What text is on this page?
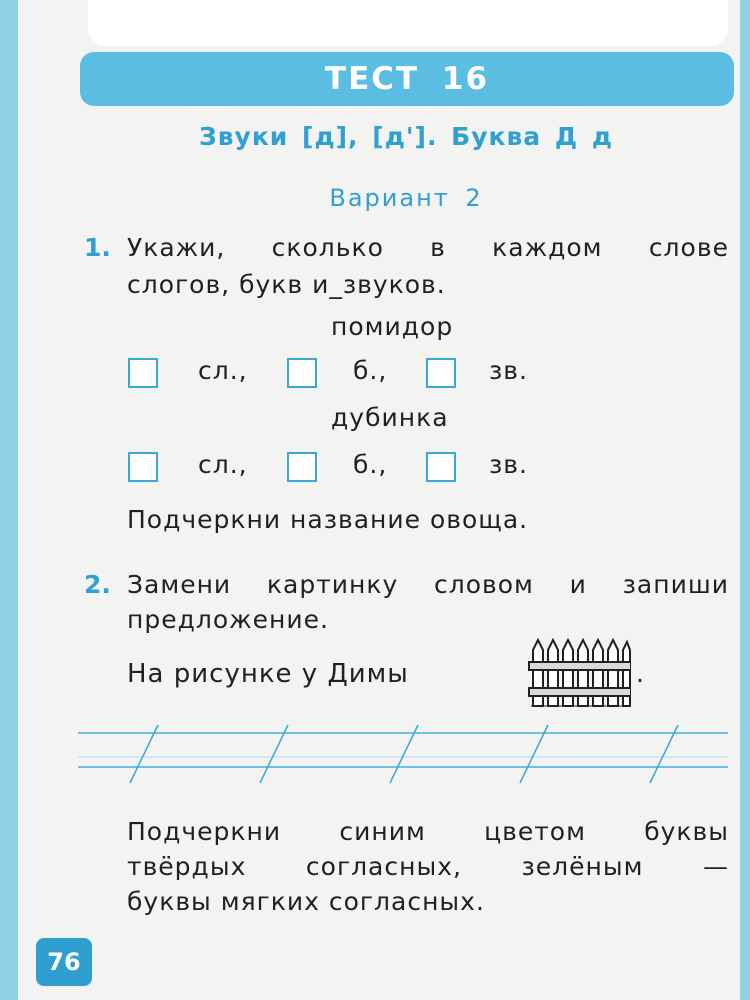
ТЕСТ 16
Звуки [д], [д']. Буква Д д
Вариант 2
1. Укажи, сколько в каждом слове
слогов, букв и_звуков.
помидор
сл.,	б.,	зв.
дубинка
сл.,	б.,	зв.
Подчеркни название овоща.
2. Замени картинку словом и запиши
предложение.
На рисунке у Димы	.
Подчеркни синим цветом буквы
твёрдых согласных, зелёным —
буквы мягких согласных.
76
